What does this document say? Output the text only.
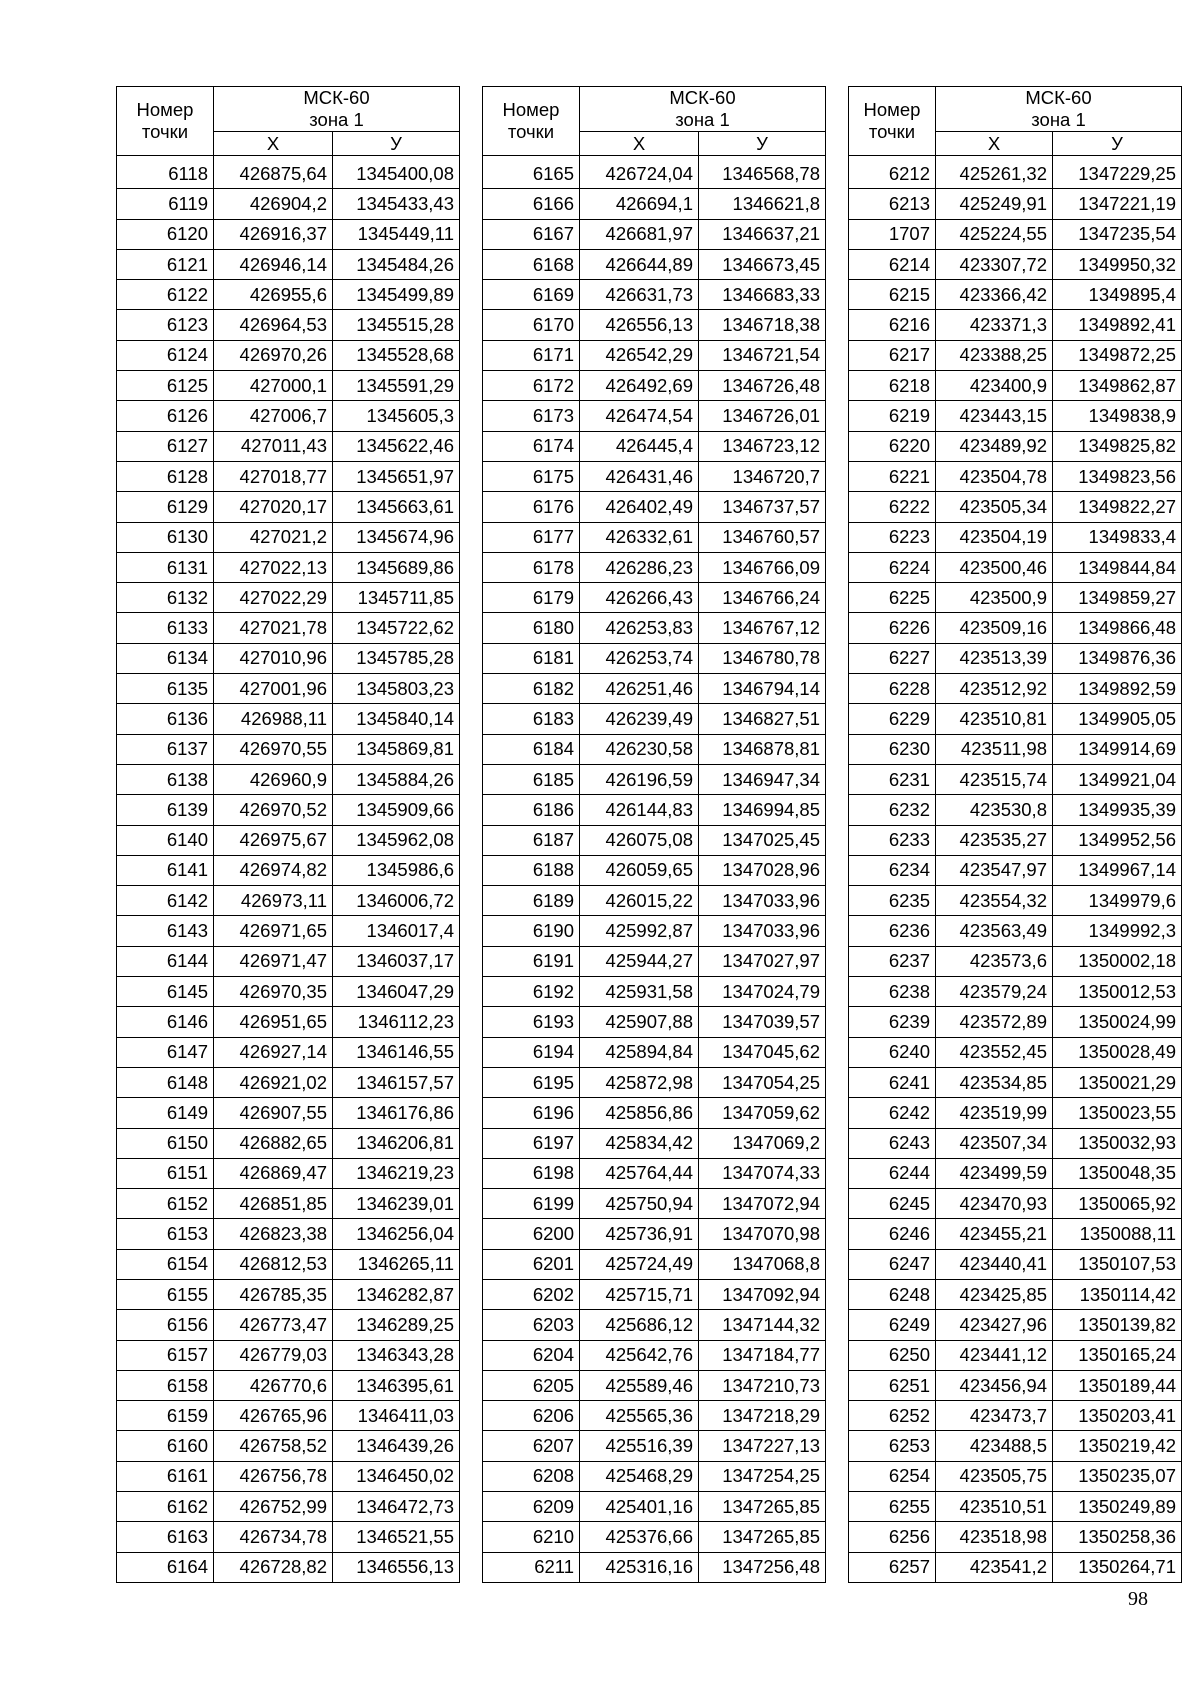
Номер
точки	МСК-60
зона 1	
	Х	У
6118	426875,64	1345400,08
6119	426904,2	1345433,43
6120	426916,37	1345449,11
6121	426946,14	1345484,26
6122	426955,6	1345499,89
6123	426964,53	1345515,28
6124	426970,26	1345528,68
6125	427000,1	1345591,29
6126	427006,7	1345605,3
6127	427011,43	1345622,46
6128	427018,77	1345651,97
6129	427020,17	1345663,61
6130	427021,2	1345674,96
6131	427022,13	1345689,86
6132	427022,29	1345711,85
6133	427021,78	1345722,62
6134	427010,96	1345785,28
6135	427001,96	1345803,23
6136	426988,11	1345840,14
6137	426970,55	1345869,81
6138	426960,9	1345884,26
6139	426970,52	1345909,66
6140	426975,67	1345962,08
6141	426974,82	1345986,6
6142	426973,11	1346006,72
6143	426971,65	1346017,4
6144	426971,47	1346037,17
6145	426970,35	1346047,29
6146	426951,65	1346112,23
6147	426927,14	1346146,55
6148	426921,02	1346157,57
6149	426907,55	1346176,86
6150	426882,65	1346206,81
6151	426869,47	1346219,23
6152	426851,85	1346239,01
6153	426823,38	1346256,04
6154	426812,53	1346265,11
6155	426785,35	1346282,87
6156	426773,47	1346289,25
6157	426779,03	1346343,28
6158	426770,6	1346395,61
6159	426765,96	1346411,03
6160	426758,52	1346439,26
6161	426756,78	1346450,02
6162	426752,99	1346472,73
6163	426734,78	1346521,55
6164	426728,82	1346556,13
Номер
точки	МСК-60
зона 1	
	Х	У
6165	426724,04	1346568,78
6166	426694,1	1346621,8
6167	426681,97	1346637,21
6168	426644,89	1346673,45
6169	426631,73	1346683,33
6170	426556,13	1346718,38
6171	426542,29	1346721,54
6172	426492,69	1346726,48
6173	426474,54	1346726,01
6174	426445,4	1346723,12
6175	426431,46	1346720,7
6176	426402,49	1346737,57
6177	426332,61	1346760,57
6178	426286,23	1346766,09
6179	426266,43	1346766,24
6180	426253,83	1346767,12
6181	426253,74	1346780,78
6182	426251,46	1346794,14
6183	426239,49	1346827,51
6184	426230,58	1346878,81
6185	426196,59	1346947,34
6186	426144,83	1346994,85
6187	426075,08	1347025,45
6188	426059,65	1347028,96
6189	426015,22	1347033,96
6190	425992,87	1347033,96
6191	425944,27	1347027,97
6192	425931,58	1347024,79
6193	425907,88	1347039,57
6194	425894,84	1347045,62
6195	425872,98	1347054,25
6196	425856,86	1347059,62
6197	425834,42	1347069,2
6198	425764,44	1347074,33
6199	425750,94	1347072,94
6200	425736,91	1347070,98
6201	425724,49	1347068,8
6202	425715,71	1347092,94
6203	425686,12	1347144,32
6204	425642,76	1347184,77
6205	425589,46	1347210,73
6206	425565,36	1347218,29
6207	425516,39	1347227,13
6208	425468,29	1347254,25
6209	425401,16	1347265,85
6210	425376,66	1347265,85
6211	425316,16	1347256,48
Номер
точки	МСК-60
зона 1	
	Х	У
6212	425261,32	1347229,25
6213	425249,91	1347221,19
1707	425224,55	1347235,54
6214	423307,72	1349950,32
6215	423366,42	1349895,4
6216	423371,3	1349892,41
6217	423388,25	1349872,25
6218	423400,9	1349862,87
6219	423443,15	1349838,9
6220	423489,92	1349825,82
6221	423504,78	1349823,56
6222	423505,34	1349822,27
6223	423504,19	1349833,4
6224	423500,46	1349844,84
6225	423500,9	1349859,27
6226	423509,16	1349866,48
6227	423513,39	1349876,36
6228	423512,92	1349892,59
6229	423510,81	1349905,05
6230	423511,98	1349914,69
6231	423515,74	1349921,04
6232	423530,8	1349935,39
6233	423535,27	1349952,56
6234	423547,97	1349967,14
6235	423554,32	1349979,6
6236	423563,49	1349992,3
6237	423573,6	1350002,18
6238	423579,24	1350012,53
6239	423572,89	1350024,99
6240	423552,45	1350028,49
6241	423534,85	1350021,29
6242	423519,99	1350023,55
6243	423507,34	1350032,93
6244	423499,59	1350048,35
6245	423470,93	1350065,92
6246	423455,21	1350088,11
6247	423440,41	1350107,53
6248	423425,85	1350114,42
6249	423427,96	1350139,82
6250	423441,12	1350165,24
6251	423456,94	1350189,44
6252	423473,7	1350203,41
6253	423488,5	1350219,42
6254	423505,75	1350235,07
6255	423510,51	1350249,89
6256	423518,98	1350258,36
6257	423541,2	1350264,71
98
